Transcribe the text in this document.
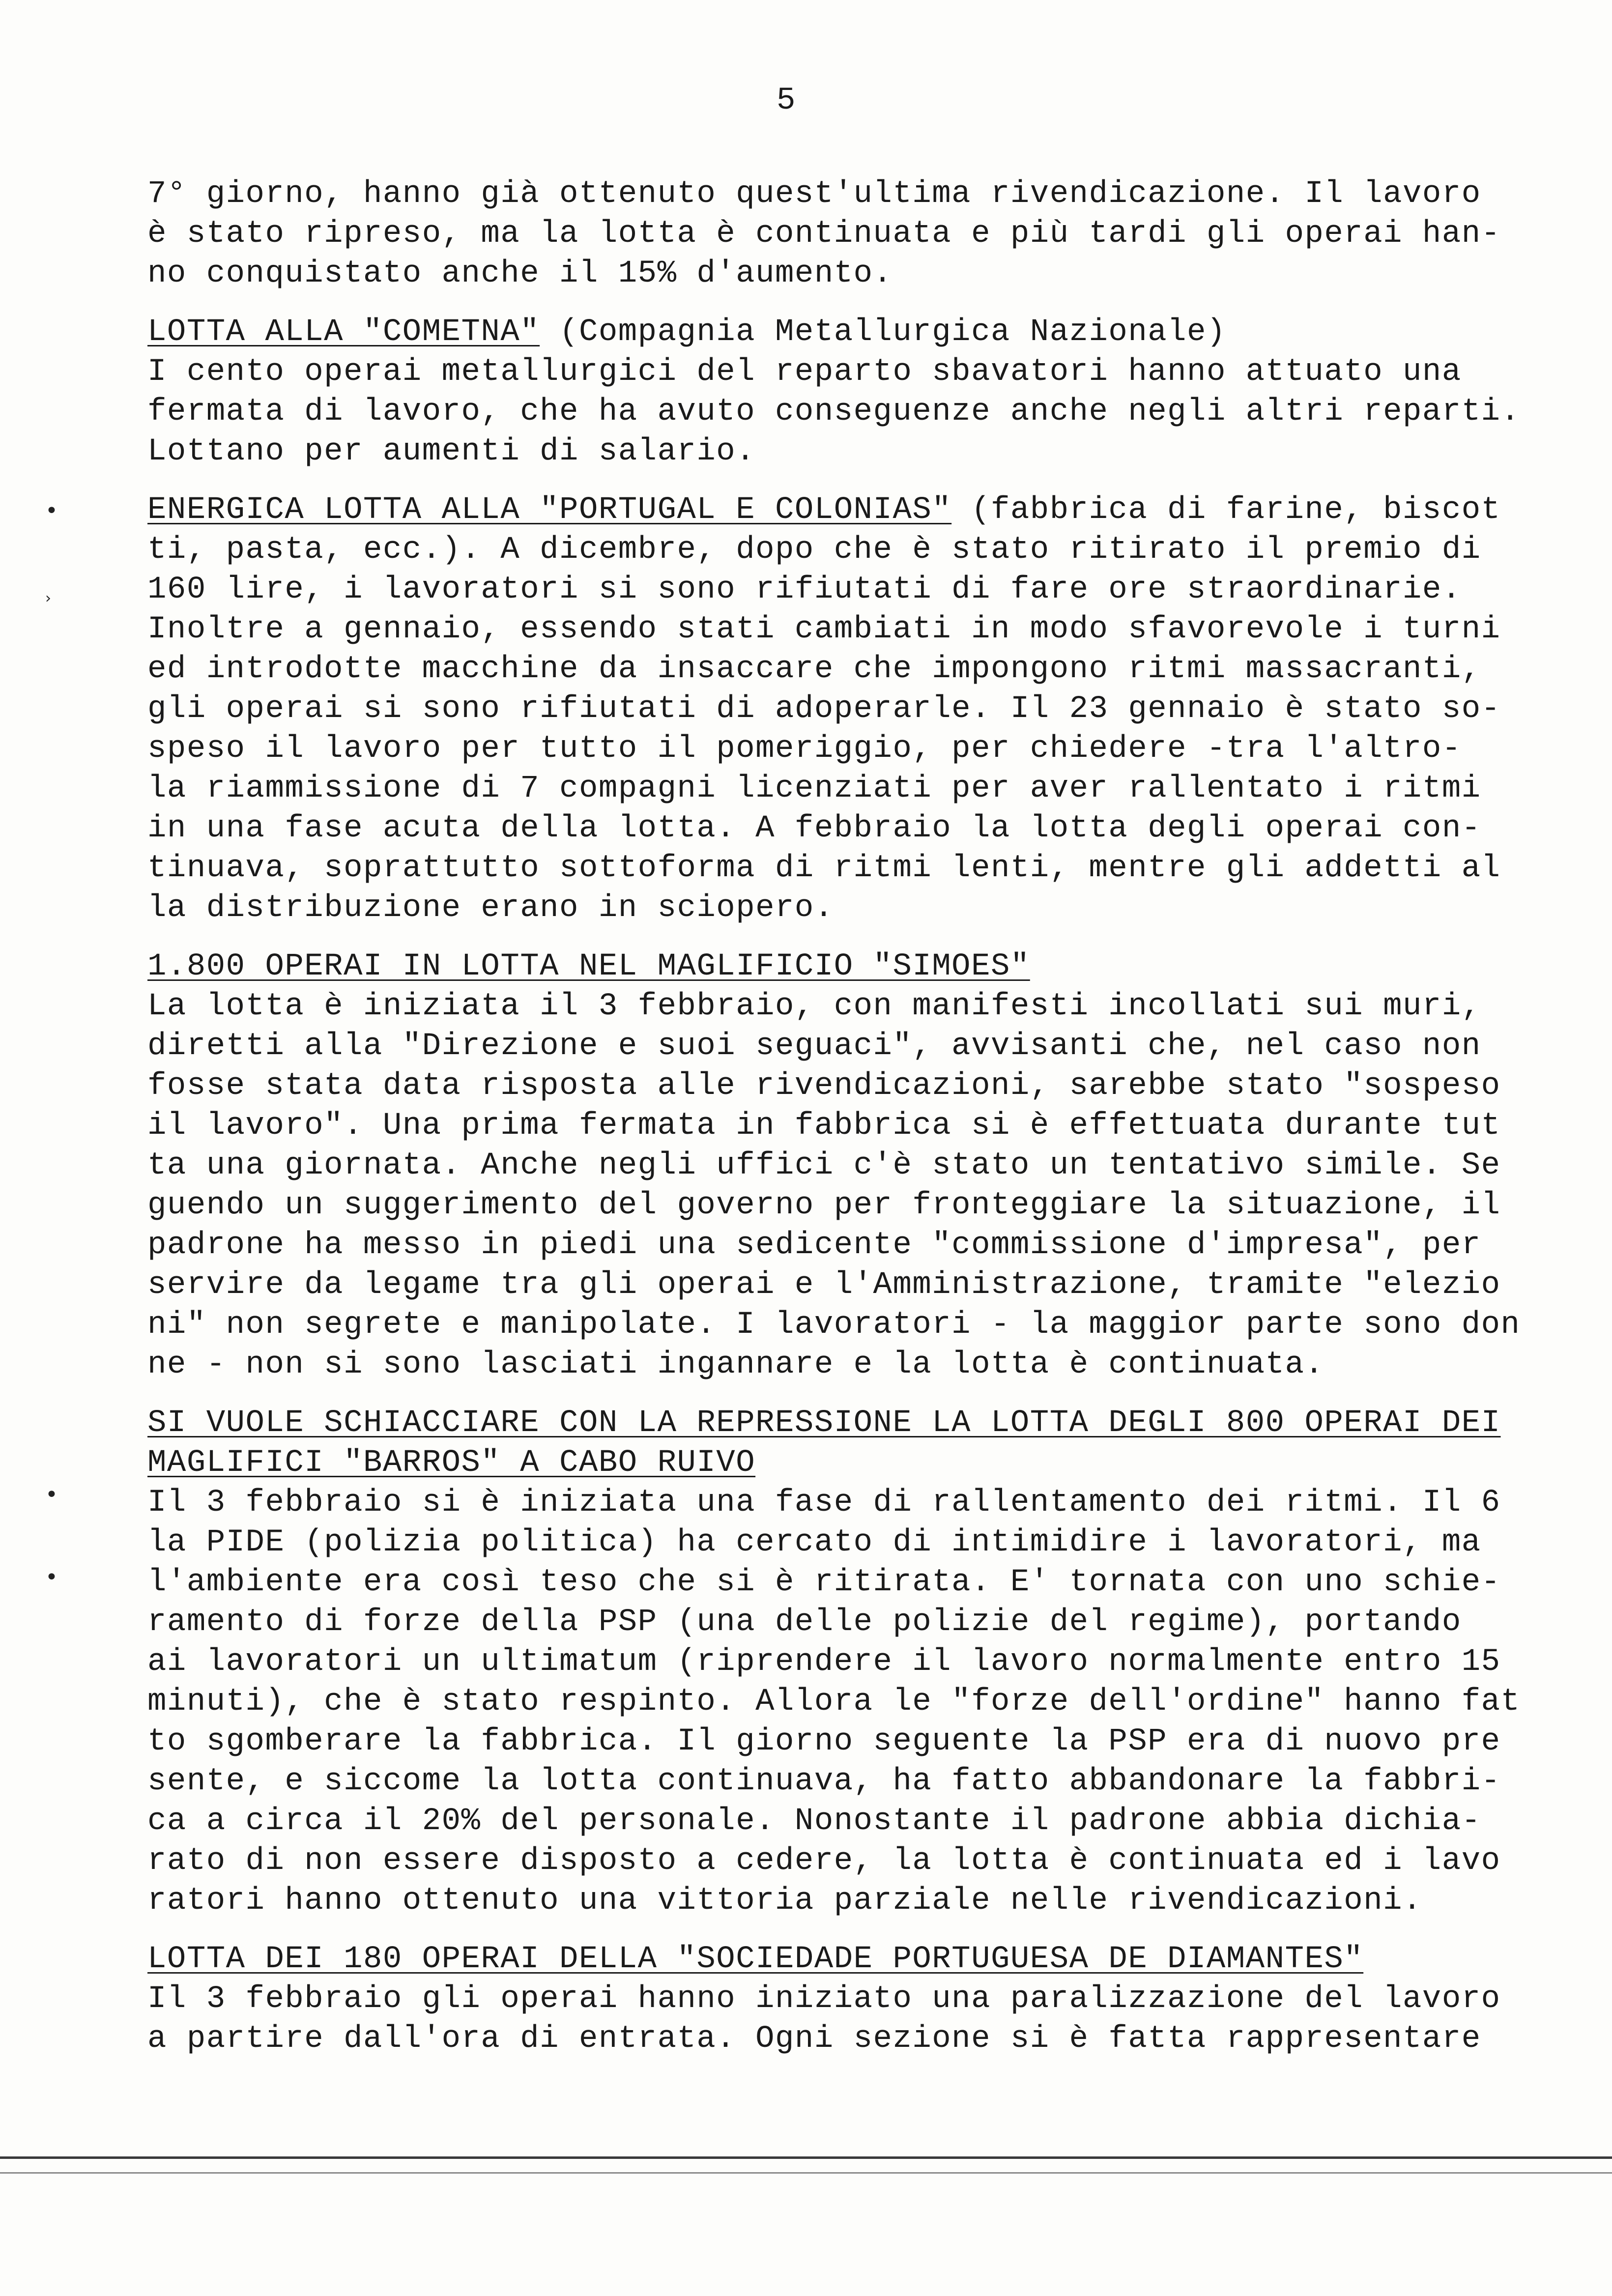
5
•
›
•
•
7° giorno, hanno già ottenuto quest'ultima rivendicazione. Il lavoro
è stato ripreso, ma la lotta è continuata e più tardi gli operai han-
no conquistato anche il 15% d'aumento.
LOTTA ALLA "COMETNA" (Compagnia Metallurgica Nazionale)
I cento operai metallurgici del reparto sbavatori hanno attuato una
fermata di lavoro, che ha avuto conseguenze anche negli altri reparti.
Lottano per aumenti di salario.
ENERGICA LOTTA ALLA "PORTUGAL E COLONIAS" (fabbrica di farine, biscot
ti, pasta, ecc.). A dicembre, dopo che è stato ritirato il premio di
160 lire, i lavoratori si sono rifiutati di fare ore straordinarie.
Inoltre a gennaio, essendo stati cambiati in modo sfavorevole i turni
ed introdotte macchine da insaccare che impongono ritmi massacranti,
gli operai si sono rifiutati di adoperarle. Il 23 gennaio è stato so-
speso il lavoro per tutto il pomeriggio, per chiedere -tra l'altro-
la riammissione di 7 compagni licenziati per aver rallentato i ritmi
in una fase acuta della lotta. A febbraio la lotta degli operai con-
tinuava, soprattutto sottoforma di ritmi lenti, mentre gli addetti al
la distribuzione erano in sciopero.
1.800 OPERAI IN LOTTA NEL MAGLIFICIO "SIMOES"
La lotta è iniziata il 3 febbraio, con manifesti incollati sui muri,
diretti alla "Direzione e suoi seguaci", avvisanti che, nel caso non
fosse stata data risposta alle rivendicazioni, sarebbe stato "sospeso
il lavoro". Una prima fermata in fabbrica si è effettuata durante tut
ta una giornata. Anche negli uffici c'è stato un tentativo simile. Se
guendo un suggerimento del governo per fronteggiare la situazione, il
padrone ha messo in piedi una sedicente "commissione d'impresa", per
servire da legame tra gli operai e l'Amministrazione, tramite "elezio
ni" non segrete e manipolate. I lavoratori - la maggior parte sono don
ne - non si sono lasciati ingannare e la lotta è continuata.
SI VUOLE SCHIACCIARE CON LA REPRESSIONE LA LOTTA DEGLI 800 OPERAI DEI
MAGLIFICI "BARROS" A CABO RUIVO
Il 3 febbraio si è iniziata una fase di rallentamento dei ritmi. Il 6
la PIDE (polizia politica) ha cercato di intimidire i lavoratori, ma
l'ambiente era così teso che si è ritirata. E' tornata con uno schie-
ramento di forze della PSP (una delle polizie del regime), portando
ai lavoratori un ultimatum (riprendere il lavoro normalmente entro 15
minuti), che è stato respinto. Allora le "forze dell'ordine" hanno fat
to sgomberare la fabbrica. Il giorno seguente la PSP era di nuovo pre
sente, e siccome la lotta continuava, ha fatto abbandonare la fabbri-
ca a circa il 20% del personale. Nonostante il padrone abbia dichia-
rato di non essere disposto a cedere, la lotta è continuata ed i lavo
ratori hanno ottenuto una vittoria parziale nelle rivendicazioni.
LOTTA DEI 180 OPERAI DELLA "SOCIEDADE PORTUGUESA DE DIAMANTES"
Il 3 febbraio gli operai hanno iniziato una paralizzazione del lavoro
a partire dall'ora di entrata. Ogni sezione si è fatta rappresentare
